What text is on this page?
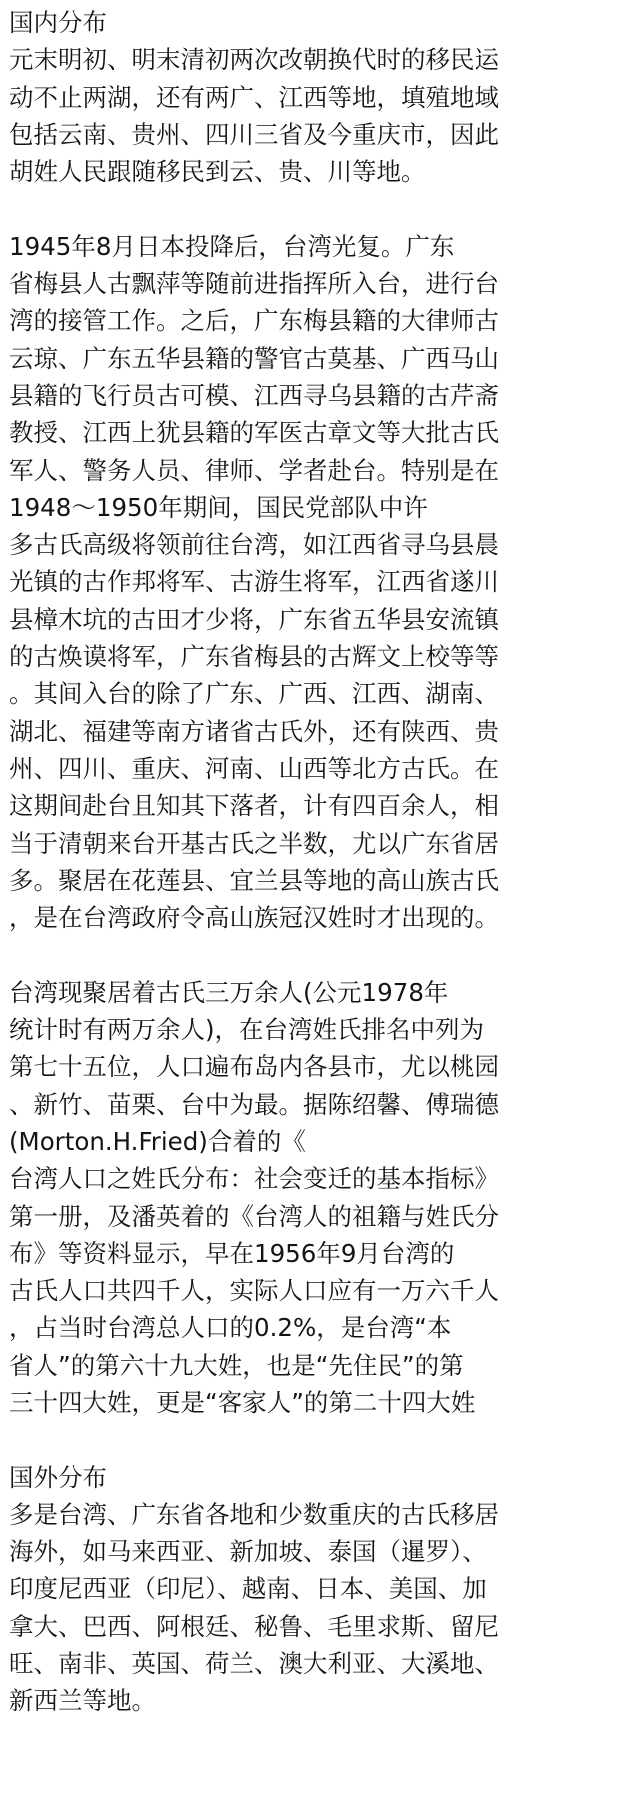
国内分布
元末明初、明末清初两次改朝换代时的移民运
动不止两湖，还有两广、江西等地，填殖地域
包括云南、贵州、四川三省及今重庆市，因此
胡姓人民跟随移民到云、贵、川等地。
1945年8月日本投降后，台湾光复。广东
省梅县人古飘萍等随前进指挥所入台，进行台
湾的接管工作。之后，广东梅县籍的大律师古
云琼、广东五华县籍的警官古莫基、广西马山
县籍的飞行员古可模、江西寻乌县籍的古芹斋
教授、江西上犹县籍的军医古章文等大批古氏
军人、警务人员、律师、学者赴台。特别是在
1948～1950年期间，国民党部队中许
多古氏高级将领前往台湾，如江西省寻乌县晨
光镇的古作邦将军、古游生将军，江西省遂川
县樟木坑的古田才少将，广东省五华县安流镇
的古焕谟将军，广东省梅县的古辉文上校等等
。其间入台的除了广东、广西、江西、湖南、
湖北、福建等南方诸省古氏外，还有陕西、贵
州、四川、重庆、河南、山西等北方古氏。在
这期间赴台且知其下落者，计有四百余人，相
当于清朝来台开基古氏之半数，尤以广东省居
多。聚居在花莲县、宜兰县等地的高山族古氏
，是在台湾政府令高山族冠汉姓时才出现的。
台湾现聚居着古氏三万余人(公元1978年
统计时有两万余人)，在台湾姓氏排名中列为
第七十五位，人口遍布岛内各县市，尤以桃园
、新竹、苗栗、台中为最。据陈绍馨、傅瑞德
(Morton.H.Fried)合着的《
台湾人口之姓氏分布：社会变迁的基本指标》
第一册，及潘英着的《台湾人的祖籍与姓氏分
布》等资料显示，早在1956年9月台湾的
古氏人口共四千人，实际人口应有一万六千人
，占当时台湾总人口的0.2%，是台湾“本
省人”的第六十九大姓，也是“先住民”的第
三十四大姓，更是“客家人”的第二十四大姓
国外分布
多是台湾、广东省各地和少数重庆的古氏移居
海外，如马来西亚、新加坡、泰国（暹罗）、
印度尼西亚（印尼）、越南、日本、美国、加
拿大、巴西、阿根廷、秘鲁、毛里求斯、留尼
旺、南非、英国、荷兰、澳大利亚、大溪地、
新西兰等地。
